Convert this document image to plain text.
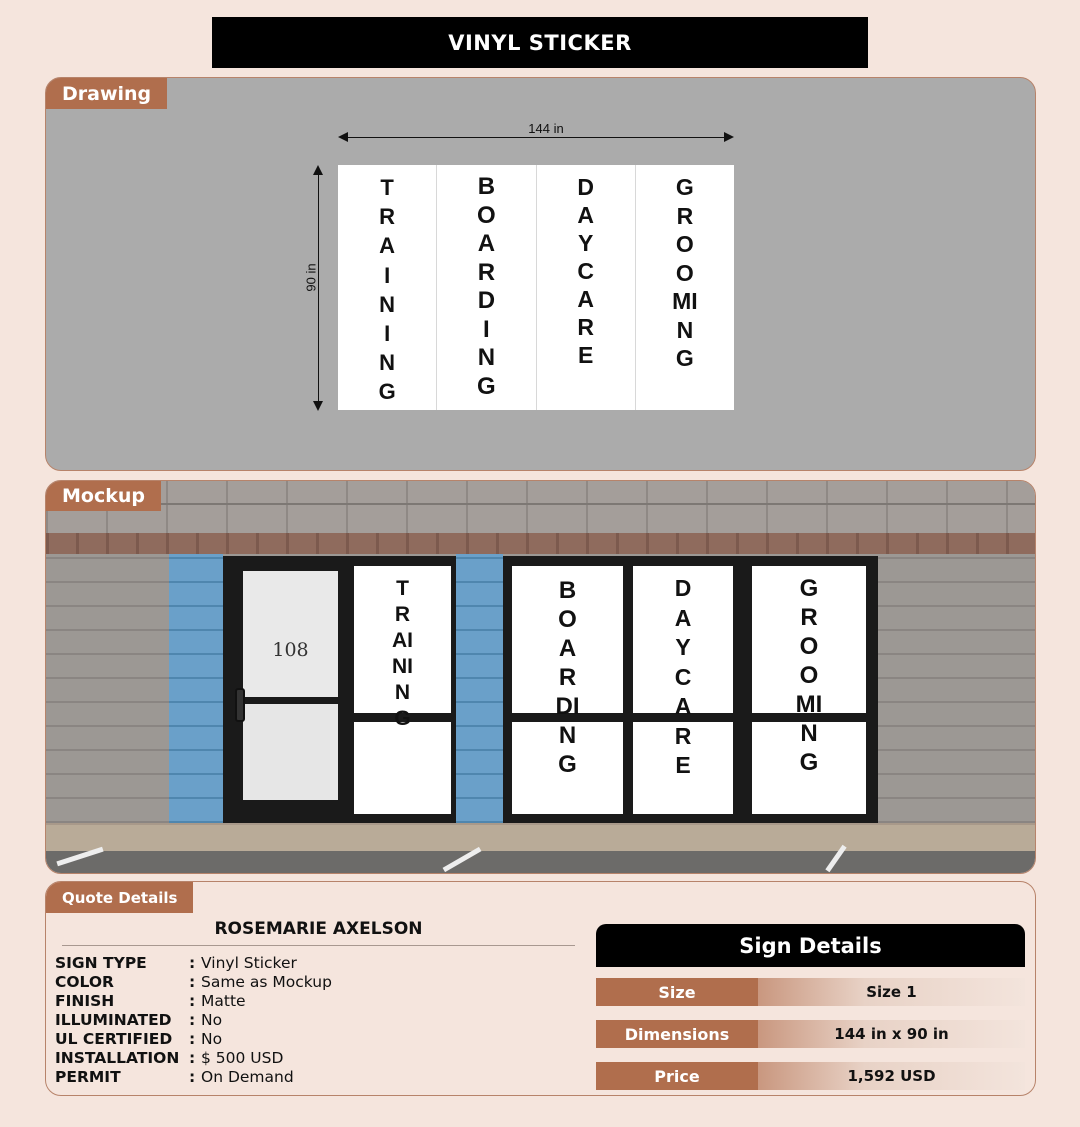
VINYL STICKER
Drawing
144 in
90 in
TRAINING
BOARDING
DAYCARE
GROOMING
Mockup
108
TRAINING
BOARDING
DAYCARE
GROOMING
Quote Details
ROSEMARIE AXELSON
SIGN TYPE	: Vinyl Sticker
COLOR	: Same as Mockup
FINISH	: Matte
ILLUMINATED	: No
UL CERTIFIED	: No
INSTALLATION : $ 500 USD
PERMIT	: On Demand
Sign Details
Size	Size 1
Dimensions	144 in x 90 in
Price	1,592 USD
